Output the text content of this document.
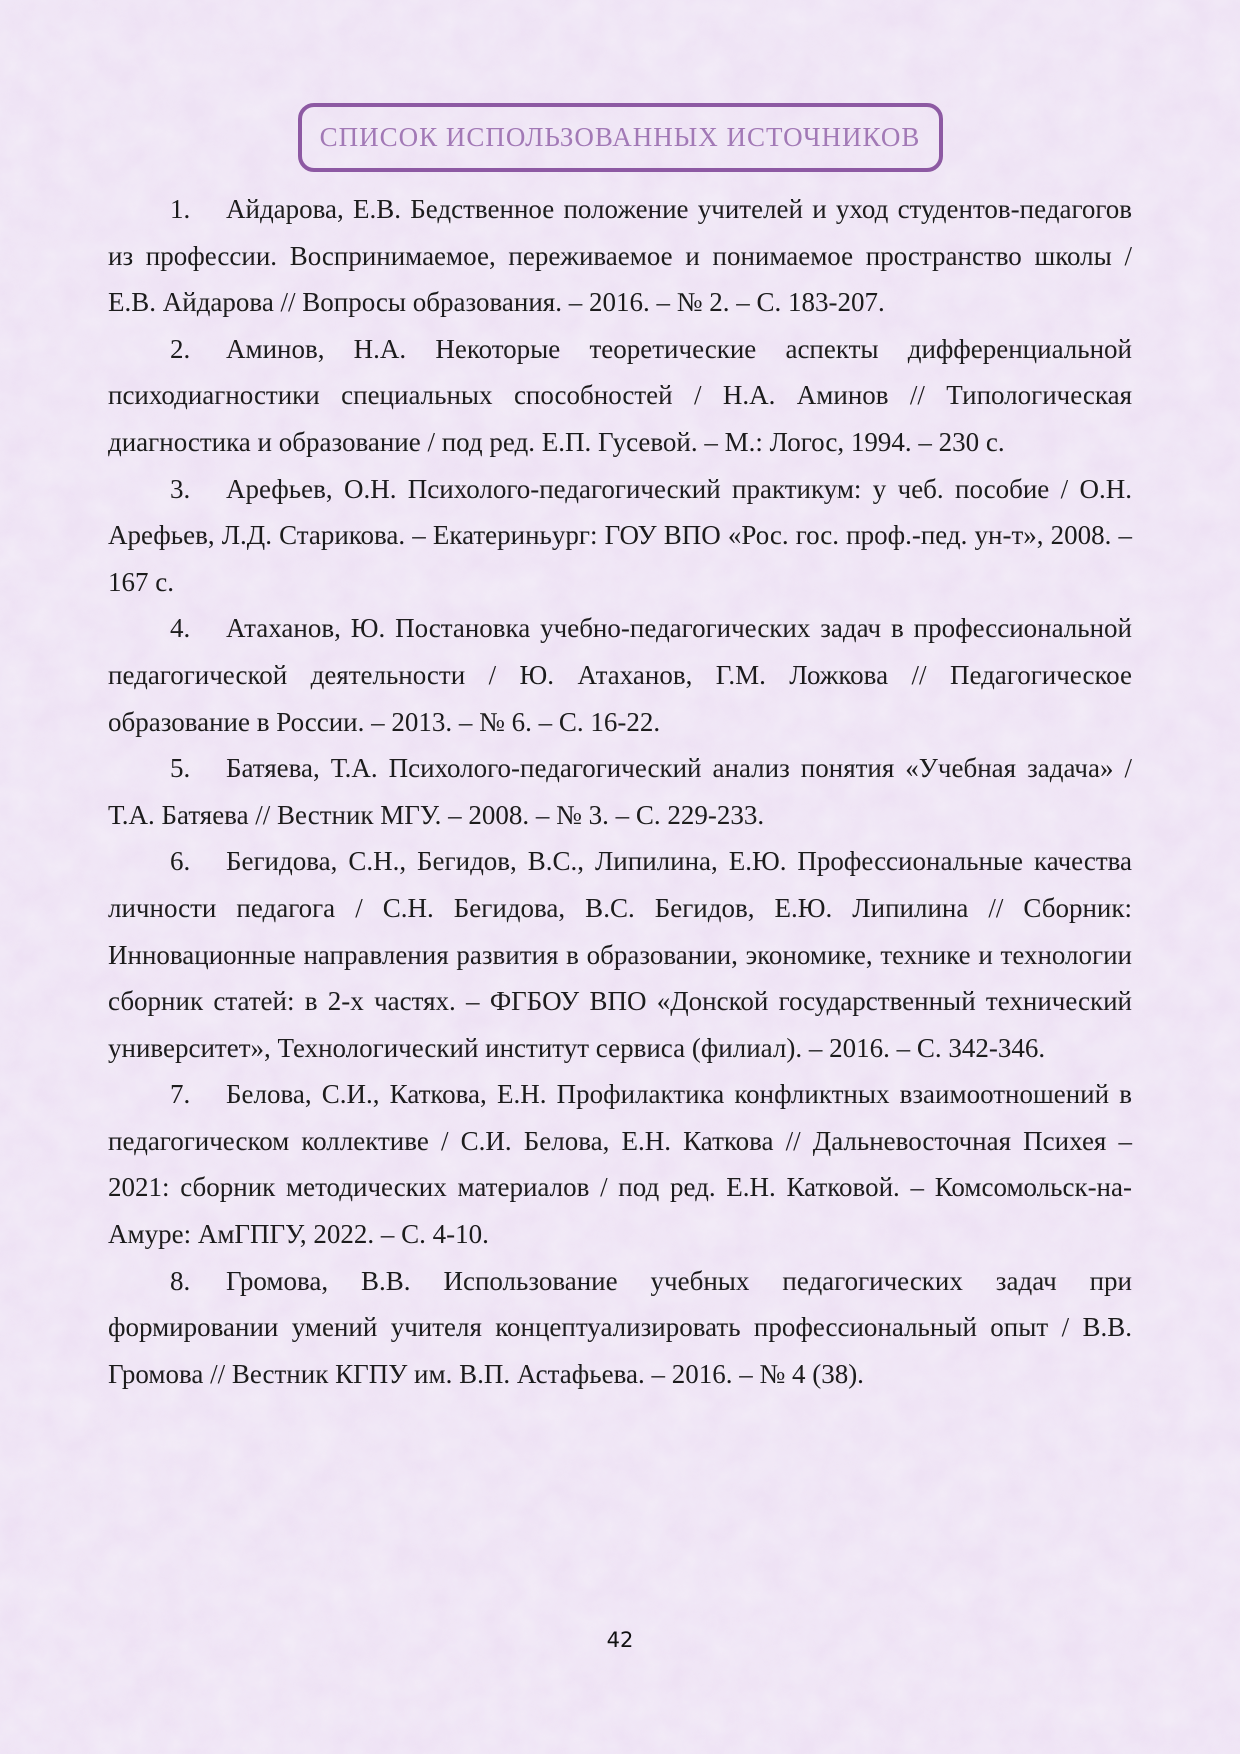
СПИСОК ИСПОЛЬЗОВАННЫХ ИСТОЧНИКОВ

1. Айдарова, Е.В. Бедственное положение учителей и уход студентов-педагогов из профессии. Воспринимаемое, переживаемое и понимаемое пространство школы / Е.В. Айдарова // Вопросы образования. – 2016. – № 2. – С. 183-207.

2. Аминов, Н.А. Некоторые теоретические аспекты дифференциальной психодиагностики специальных способностей / Н.А. Аминов // Типологическая диагностика и образование / под ред. Е.П. Гусевой. – М.: Логос, 1994. – 230 с.

3. Арефьев, О.Н. Психолого-педагогический практикум: у чеб. пособие / О.Н. Арефьев, Л.Д. Старикова. – Екатериньург: ГОУ ВПО «Рос. гос. проф.-пед. ун-т», 2008. – 167 с.

4. Атаханов, Ю. Постановка учебно-педагогических задач в профессиональной педагогической деятельности / Ю. Атаханов, Г.М. Ложкова // Педагогическое образование в России. – 2013. – № 6. – С. 16-22.

5. Батяева, Т.А. Психолого-педагогический анализ понятия «Учебная задача» / Т.А. Батяева // Вестник МГУ. – 2008. – № 3. – С. 229-233.

6. Бегидова, С.Н., Бегидов, В.С., Липилина, Е.Ю. Профессиональные качества личности педагога / С.Н. Бегидова, В.С. Бегидов, Е.Ю. Липилина // Сборник: Инновационные направления развития в образовании, экономике, технике и технологии сборник статей: в 2-х частях. – ФГБОУ ВПО «Донской государственный технический университет», Технологический институт сервиса (филиал). – 2016. – С. 342-346.

7. Белова, С.И., Каткова, Е.Н. Профилактика конфликтных взаимоотношений в педагогическом коллективе / С.И. Белова, Е.Н. Каткова // Дальневосточная Психея – 2021: сборник методических материалов / под ред. Е.Н. Катковой. – Комсомольск-на-Амуре: АмГПГУ, 2022. – С. 4-10.

8. Громова, В.В. Использование учебных педагогических задач при формировании умений учителя концептуализировать профессиональный опыт / В.В. Громова // Вестник КГПУ им. В.П. Астафьева. – 2016. – № 4 (38).

42
